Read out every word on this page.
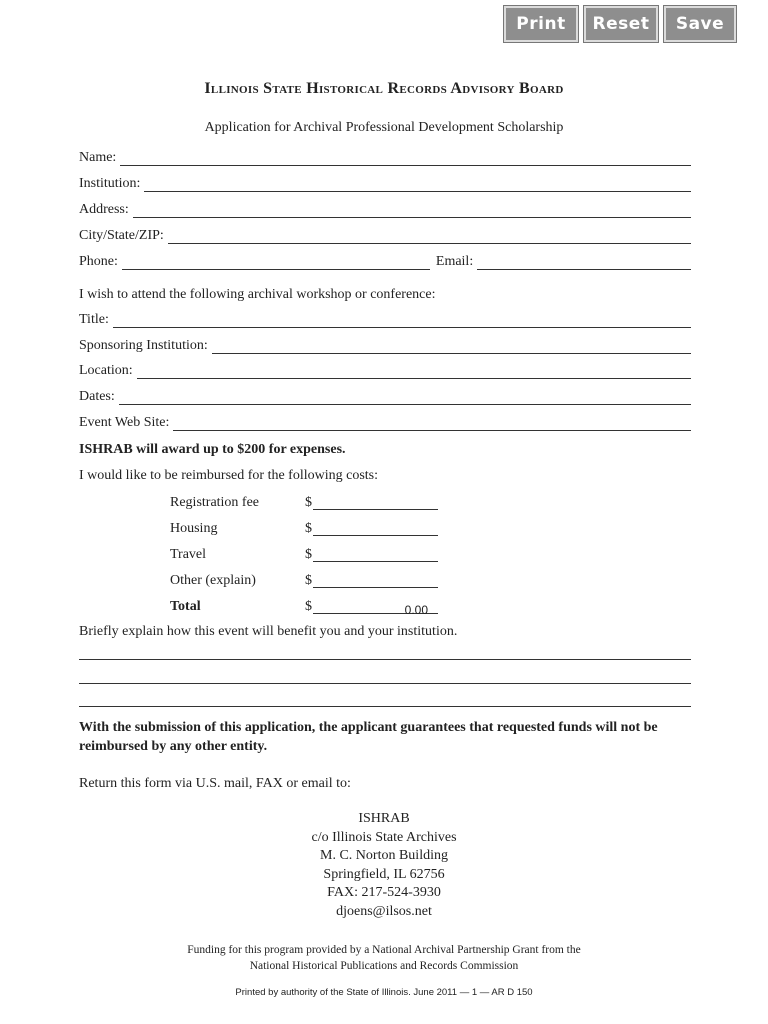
Print	Reset	Save
Illinois State Historical Records Advisory Board
Application for Archival Professional Development Scholarship
Name:
Institution:
Address:
City/State/ZIP:
Phone:	Email:
I wish to attend the following archival workshop or conference:
Title:
Sponsoring Institution:
Location:
Dates:
Event Web Site:
ISHRAB will award up to $200 for expenses.
I would like to be reimbursed for the following costs:
Registration fee	$
Housing	$
Travel	$
Other (explain)	$
Total	$	0.00
Briefly explain how this event will benefit you and your institution.
With the submission of this application, the applicant guarantees that requested funds will not be reimbursed by any other entity.
Return this form via U.S. mail, FAX or email to:
ISHRAB
c/o Illinois State Archives
M. C. Norton Building
Springfield, IL 62756
FAX: 217-524-3930
djoens@ilsos.net
Funding for this program provided by a National Archival Partnership Grant from the
National Historical Publications and Records Commission
Printed by authority of the State of Illinois. June 2011 — 1 — AR D 150
